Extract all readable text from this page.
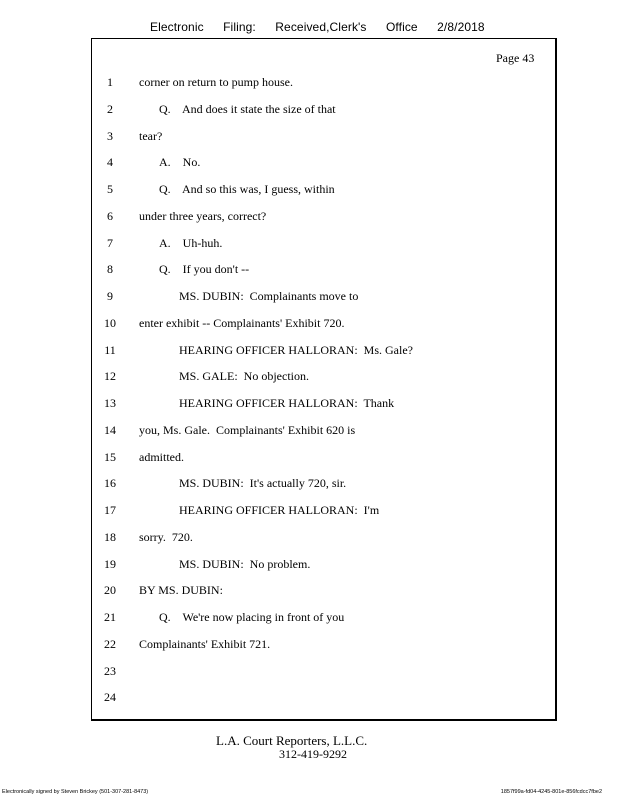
Electronic Filing: Received,Clerk's Office 2/8/2018
Page 43
1	corner on return to pump house.
2	Q.    And does it state the size of that
3	tear?
4	A.    No.
5	Q.    And so this was, I guess, within
6	under three years, correct?
7	A.    Uh-huh.
8	Q.    If you don't --
9	MS. DUBIN:  Complainants move to
10	enter exhibit -- Complainants' Exhibit 720.
11	HEARING OFFICER HALLORAN:  Ms. Gale?
12	MS. GALE:  No objection.
13	HEARING OFFICER HALLORAN:  Thank
14	you, Ms. Gale.  Complainants' Exhibit 620 is
15	admitted.
16	MS. DUBIN:  It's actually 720, sir.
17	HEARING OFFICER HALLORAN:  I'm
18	sorry.  720.
19	MS. DUBIN:  No problem.
20	BY MS. DUBIN:
21	Q.    We're now placing in front of you
22	Complainants' Exhibit 721.
23
24
L.A. Court Reporters, L.L.C.
312-419-9292
Electronically signed by Steven Brickey (501-307-281-8473)	1857f99a-fd04-4245-801e-856fcdcc7fbe2
